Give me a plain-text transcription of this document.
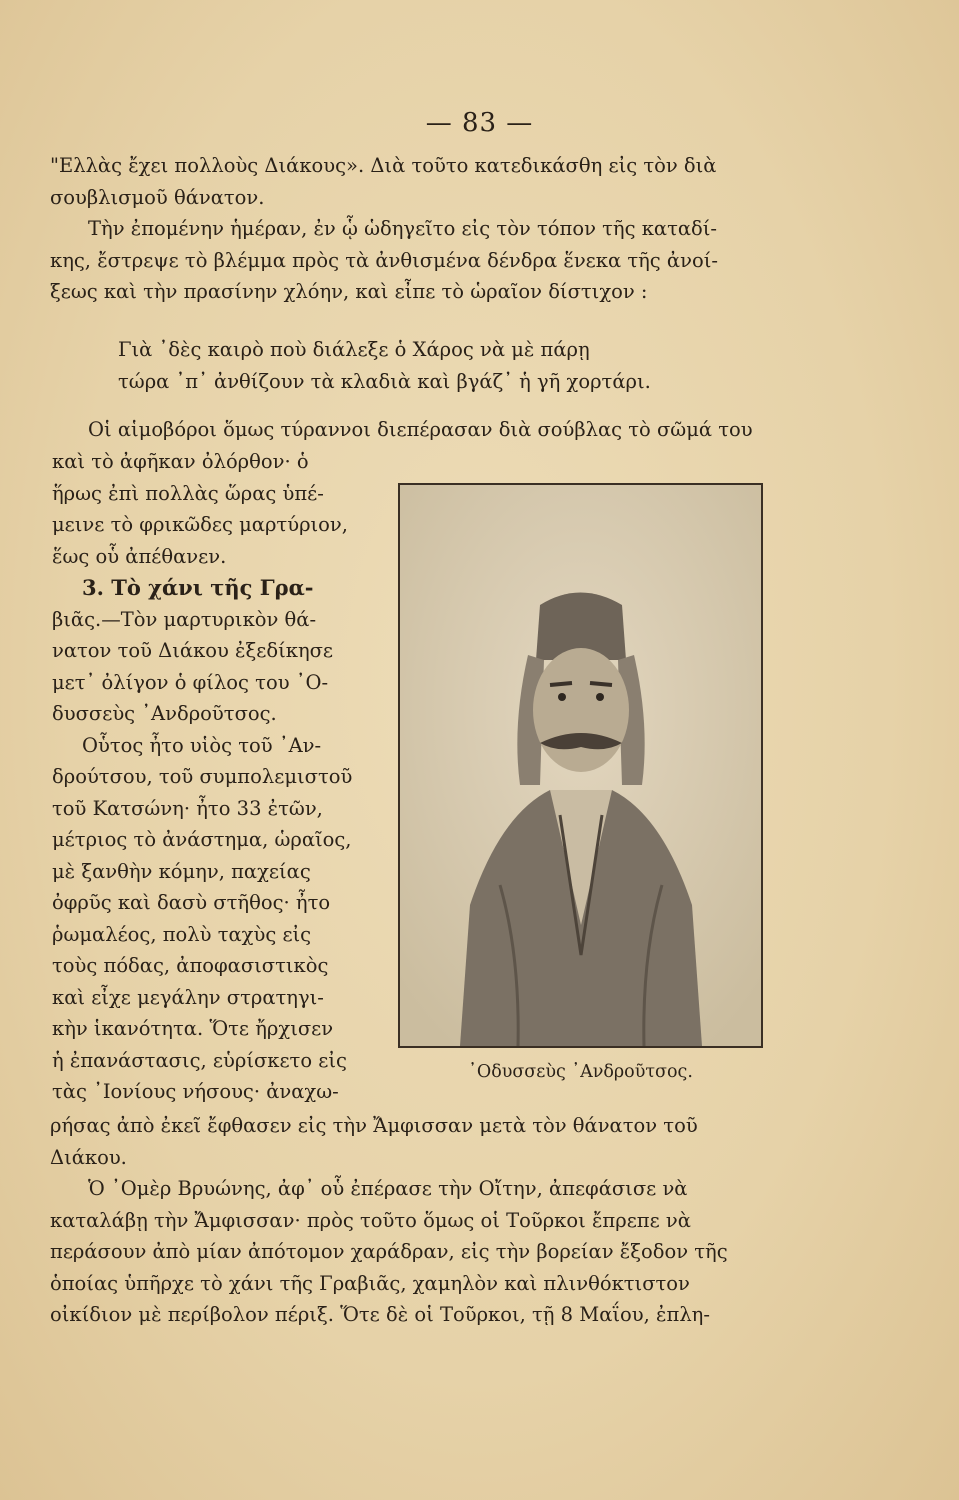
— 83 —
"Ελλὰς ἔχει πολλοὺς Διάκους». Διὰ τοῦτο κατεδικάσθη εἰς τὸν διὰ
σουβλισμοῦ θάνατον.
Τὴν ἐπομένην ἡμέραν, ἐν ᾧ ὡδηγεῖτο εἰς τὸν τόπον τῆς καταδί-
κης, ἔστρεψε τὸ βλέμμα πρὸς τὰ ἀνθισμένα δένδρα ἕνεκα τῆς ἀνοί-
ξεως καὶ τὴν πρασίνην χλόην, καὶ εἶπε τὸ ὡραῖον δίστιχον :
Γιὰ ᾿δὲς καιρὸ ποὺ διάλεξε ὁ Χάρος νὰ μὲ πάρῃ
τώρα ᾿π᾿ ἀνθίζουν τὰ κλαδιὰ καὶ βγάζ᾿ ἡ γῆ χορτάρι.
Οἱ αἱμοβόροι ὅμως τύραννοι διεπέρασαν διὰ σούβλας τὸ σῶμά του
καὶ τὸ ἀφῆκαν ὀλόρθον· ὁ
ἥρως ἐπὶ πολλὰς ὥρας ὑπέ-
μεινε τὸ φρικῶδες μαρτύριον,
ἕως οὗ ἀπέθανεν.
3. Τὸ χάνι τῆς Γρα-
βιᾶς.—Τὸν μαρτυρικὸν θά-
νατον τοῦ Διάκου ἐξεδίκησε
μετ᾿ ὀλίγον ὁ φίλος του ᾿Ο-
δυσσεὺς ᾿Ανδροῦτσος.
Οὗτος ἦτο υἱὸς τοῦ ᾿Αν-
δρούτσου, τοῦ συμπολεμιστοῦ
τοῦ Κατσώνη· ἦτο 33 ἐτῶν,
μέτριος τὸ ἀνάστημα, ὡραῖος,
μὲ ξανθὴν κόμην, παχείας
ὀφρῦς καὶ δασὺ στῆθος· ἦτο
ῥωμαλέος, πολὺ ταχὺς εἰς
τοὺς πόδας, ἀποφασιστικὸς
καὶ εἶχε μεγάλην στρατηγι-
κὴν ἱκανότητα. Ὅτε ἤρχισεν
ἡ ἐπανάστασις, εὑρίσκετο εἰς
τὰς ᾿Ιονίους νήσους· ἀναχω-
᾿Οδυσσεὺς ᾿Ανδροῦτσος.
ρήσας ἀπὸ ἐκεῖ ἔφθασεν εἰς τὴν Ἄμφισσαν μετὰ τὸν θάνατον τοῦ
Διάκου.
Ὁ ᾿Ομὲρ Βρυώνης, ἀφ᾿ οὗ ἐπέρασε τὴν Οἴτην, ἀπεφάσισε νὰ
καταλάβῃ τὴν Ἄμφισσαν· πρὸς τοῦτο ὅμως οἱ Τοῦρκοι ἔπρεπε νὰ
περάσουν ἀπὸ μίαν ἀπότομον χαράδραν, εἰς τὴν βορείαν ἔξοδον τῆς
ὁποίας ὑπῆρχε τὸ χάνι τῆς Γραβιᾶς, χαμηλὸν καὶ πλινθόκτιστον
οἰκίδιον μὲ περίβολον πέριξ. Ὅτε δὲ οἱ Τοῦρκοι, τῇ 8 Μαΐου, ἐπλη-
